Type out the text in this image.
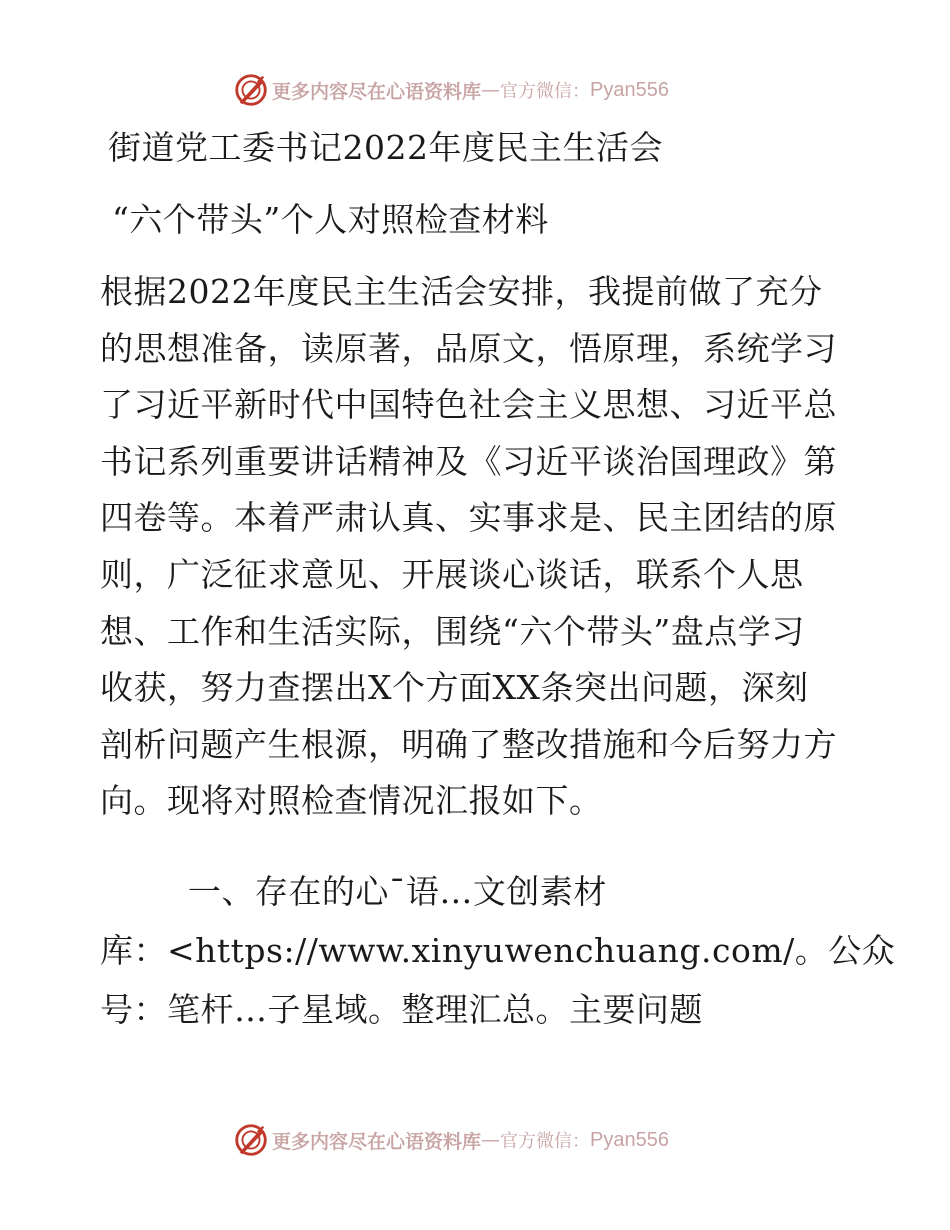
更多内容尽在心语资料库 — 官方微信： Pyan556
街道党工委书记2022年度民主生活会
“六个带头”个人对照检查材料
根据2022年度民主生活会安排，我提前做了充分
的思想准备，读原著，品原文，悟原理，系统学习
了习近平新时代中国特色社会主义思想、习近平总
书记系列重要讲话精神及《习近平谈治国理政》第
四卷等。本着严肃认真、实事求是、民主团结的原
则，广泛征求意见、开展谈心谈话，联系个人思
想、工作和生活实际，围绕“六个带头”盘点学习
收获，努力查摆出X个方面XX条突出问题，深刻
剖析问题产生根源，明确了整改措施和今后努力方
向。现将对照检查情况汇报如下。
一、存在的心¯语…文创素材
库：<https://www.xinyuwenchuang.com/。公众
号：笔杆…子星域。整理汇总。主要问题
更多内容尽在心语资料库 — 官方微信： Pyan556
